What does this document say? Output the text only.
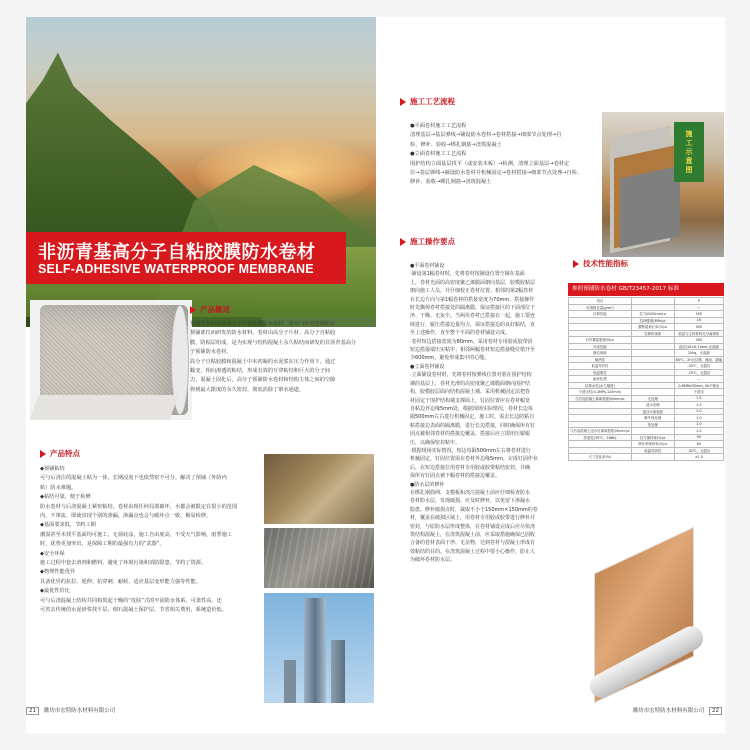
非沥青基高分子自粘胶膜防水卷材
SELF-ADHESIVE WATERPROOF MEMBRANE
产品概述

预铺式非沥青基高分子自粘胶膜防水卷材，是专门针对建筑防水

预铺部位而研发的防水材料，卷材由高分子片材、高分子自粘胶

膜、防粘层组成，是为实现与结构混凝土永久粘结而研发的非沥青基高分

子预铺防水卷材。

高分子自粘胶膜和混凝土中未初凝的水泥浆在压力作用下，通过

蠕变、相向渗透的粘结，形成有效的互穿粘结和巨大的分子间

力，混凝土固化后，高分子预铺防水卷材和结构主体之间的空隙

得到最大限度的永久密封，彻底消除了窜水通道。

产品特点

◆预铺粘结

可与后浇注的混凝土粘为一体，长期浸泡下也依然密不可分。解决了预铺（外防内

贴）防水难题。

◆粘结可靠，便于检修

防水卷材与后浇混凝土紧密粘结，卷材由现任何局部破坏，水都会被限定在很小的范围

内，不窜流，即使出现个别的渗漏，渗漏点也会与破坏点一致，极易检修。

◆基面要求低，节约工期

潮湿甚至未找平基面均可施工，无须底涂，施工自由度高，不受天气影响，雨季施工

时，优势更加突出，是保障工期的最强有力的“武器”。

◆安全环保

施工过程中套去溶剂和燃料，避免了环境污染和消防隐患，节约了资源。

◆物理性能优异

具备优异的抗拉、延伸、抗穿刺、耐候、适应基层变形能力强等性能。

◆最优性价比

可与后浇混凝土结构共同构筑起干燥的“皮肤”式的牢固防水体系，可靠性高，还

可省去传统的水泥砂浆找平层、细石混凝土保护层，节省相关费用，系统造价低。

21 潍坊市宏特防水材料有限公司
施工工艺流程

●平面卷材施工工艺流程

清理基层→基层弹线→铺设防水卷材→卷材搭接→细部节点处理→自

检、修补、验收→绑扎钢筋→浇筑混凝土

●立面卷材施工工艺流程

围护结构立面基层找平（或安装木板）→检测，清理立面基层→卷材定

位→基层弹线→铺设防水卷材并机械固定→卷材搭接→细部节点处理→自检、

修补、验收→绑扎钢筋→浇筑混凝土

施工示意图
施工操作要点

●平面卷材铺设

·铺设第1幅卷材时，先将卷材按铺设位置空铺在基面

上，卷材光面的高密度聚乙烯膜面朝向基层，胶模胶粘层

朝向施工人员，并仔细校正卷材位置。相邻的第2幅卷材

在长边方向与第1幅卷材的搭接宽度为70mm，搭接操作

时先撕掉卷材搭接处的隔离膜，保证搭接区的下面部位干

净、干燥、无灰尘。当两块卷材已搭接在一起，施工要连

续进行，辊压搭接边量均力，保证搭接边的良好粘结，直

至上述操作，直至整个平面的卷材铺设完成。

·卷材短边搭接宽度为80mm，采用卷材专用胶或胶带沿

短边搭接端压实粘牢；相邻两幅卷材短边搭接缝位错开至

少600mm，避免形成集中的心缝。

●立面卷材铺设

·立面铺设卷材时，先将卷材按弹线位置对准在围护结构

墙的基层上，卷材光滑的高密度聚乙烯膜面朝向围护结

构，胶模胶层面向结构混凝土墙。采用机械固定法把卷

材固定于围护结构墙支撑面上，钉固位置应在卷材幅宽

自粘边外边缘5mm处，根据现场实际情况，卷材长边每

隔500mm左右进行机械固定，施工时，需去长边防粘自

粘搭接边表面的隔离膜，进行长边搭接，同时确保所有钉

固点被相邻卷材的搭接边覆盖，搭接后应立即用压辊辊

压，以确保密封粘牢。

·根据现场实际情况，短边每隔500mm左右将卷材进行

机械固定，钉固位置需在卷材外边缘5mm。完成钉固作业

后，在短边搭接位用卷材专用胶或胶带粘结密封，并确

保所有钉固点被下幅卷材的搭接边覆盖。

●防水层的修补

在绑扎钢筋网、支模板和浇注混凝土前应仔细检查防水

卷材防水层，发现破损、应及时修补，以免留下渗漏水

隐患。修补破损点时，裁取不小于150mm×150mm的卷

材，覆盖在破损区域上，用卷材专用胶或胶带进行修补并

密封，与原防水层形成整体，在卷材铺设完成后应尽快浇

筑结构混凝土，在浇筑混凝土前，应采取措施确保已固收

合备的卷材表面干净、无杂物，达到卷材与混凝土形成有

效粘结的目的。在浇筑混凝土过程中要小心操作，防止人

为破坏卷材防水层。

技术性能指标
参照预铺防水卷材 GB/T23457-2017 标准
项目		P
可溶物含量(g/m²)		—
拉伸性能	拉力(N/50mm)≥	500
	拉伸强度(MPa)≥	16
	膜断裂伸长率(%)≥	400
	拉伸时现象	胶层与主体材料无分离现象
钉杆撕裂强度(N)≥		400
冲击性能		直径(10±0.1)mm,无渗漏
静态荷载		20kg，无渗漏
耐热性		80℃，2h无位移、流淌、滴落
低温弯折性		-35℃，无裂纹
低温柔性		-25℃，无裂纹
渗油性/张		—
抗窜水性(水力梯度)		0.8MPa/35mm, 4h不窜水
不透水性(0.3MPa,120min)		不透水
与后浇混凝土剥离强度(N/mm)≥	无处理	1.5
	浸水处理	1.0
	泥沙污染表面	1.0
	紫外线处理	1.0
	热处理	1.0
与后浇混凝土浸水后剥离强度(N/mm)≥		1.0
热老化(70℃，168h)	拉力保持率(%)≥	90
	伸长率保持率(%)≥	80
	低温弯折性	-32℃，无裂纹
尺寸变化率(%)		±1.5
潍坊市宏特防水材料有限公司 22
